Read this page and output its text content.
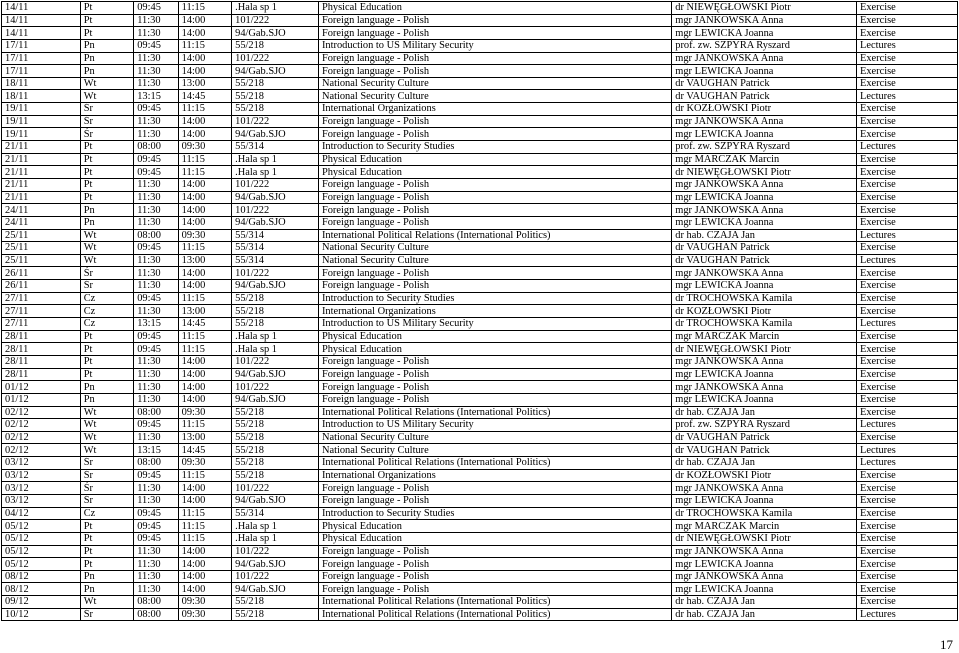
14/11	Pt	09:45	11:15	.Hala sp 1	Physical Education	dr NIEWĘGŁOWSKI Piotr	Exercise
14/11	Pt	11:30	14:00	101/222	Foreign language - Polish	mgr JANKOWSKA Anna	Exercise
14/11	Pt	11:30	14:00	94/Gab.SJO	Foreign language - Polish	mgr LEWICKA Joanna	Exercise
17/11	Pn	09:45	11:15	55/218	Introduction to US Military Security	prof. zw. SZPYRA Ryszard	Lectures
17/11	Pn	11:30	14:00	101/222	Foreign language - Polish	mgr JANKOWSKA Anna	Exercise
17/11	Pn	11:30	14:00	94/Gab.SJO	Foreign language - Polish	mgr LEWICKA Joanna	Exercise
18/11	Wt	11:30	13:00	55/218	National Security Culture	dr VAUGHAN Patrick	Exercise
18/11	Wt	13:15	14:45	55/218	National Security Culture	dr VAUGHAN Patrick	Lectures
19/11	Śr	09:45	11:15	55/218	International Organizations	dr KOZŁOWSKI Piotr	Exercise
19/11	Śr	11:30	14:00	101/222	Foreign language - Polish	mgr JANKOWSKA Anna	Exercise
19/11	Śr	11:30	14:00	94/Gab.SJO	Foreign language - Polish	mgr LEWICKA Joanna	Exercise
21/11	Pt	08:00	09:30	55/314	Introduction to Security Studies	prof. zw. SZPYRA Ryszard	Lectures
21/11	Pt	09:45	11:15	.Hala sp 1	Physical Education	mgr MARCZAK Marcin	Exercise
21/11	Pt	09:45	11:15	.Hala sp 1	Physical Education	dr NIEWĘGŁOWSKI Piotr	Exercise
21/11	Pt	11:30	14:00	101/222	Foreign language - Polish	mgr JANKOWSKA Anna	Exercise
21/11	Pt	11:30	14:00	94/Gab.SJO	Foreign language - Polish	mgr LEWICKA Joanna	Exercise
24/11	Pn	11:30	14:00	101/222	Foreign language - Polish	mgr JANKOWSKA Anna	Exercise
24/11	Pn	11:30	14:00	94/Gab.SJO	Foreign language - Polish	mgr LEWICKA Joanna	Exercise
25/11	Wt	08:00	09:30	55/314	International Political Relations (International Politics)	dr hab. CZAJA Jan	Lectures
25/11	Wt	09:45	11:15	55/314	National Security Culture	dr VAUGHAN Patrick	Exercise
25/11	Wt	11:30	13:00	55/314	National Security Culture	dr VAUGHAN Patrick	Lectures
26/11	Śr	11:30	14:00	101/222	Foreign language - Polish	mgr JANKOWSKA Anna	Exercise
26/11	Śr	11:30	14:00	94/Gab.SJO	Foreign language - Polish	mgr LEWICKA Joanna	Exercise
27/11	Cz	09:45	11:15	55/218	Introduction to Security Studies	dr TROCHOWSKA Kamila	Exercise
27/11	Cz	11:30	13:00	55/218	International Organizations	dr KOZŁOWSKI Piotr	Exercise
27/11	Cz	13:15	14:45	55/218	Introduction to US Military Security	dr TROCHOWSKA Kamila	Lectures
28/11	Pt	09:45	11:15	.Hala sp 1	Physical Education	mgr MARCZAK Marcin	Exercise
28/11	Pt	09:45	11:15	.Hala sp 1	Physical Education	dr NIEWĘGŁOWSKI Piotr	Exercise
28/11	Pt	11:30	14:00	101/222	Foreign language - Polish	mgr JANKOWSKA Anna	Exercise
28/11	Pt	11:30	14:00	94/Gab.SJO	Foreign language - Polish	mgr LEWICKA Joanna	Exercise
01/12	Pn	11:30	14:00	101/222	Foreign language - Polish	mgr JANKOWSKA Anna	Exercise
01/12	Pn	11:30	14:00	94/Gab.SJO	Foreign language - Polish	mgr LEWICKA Joanna	Exercise
02/12	Wt	08:00	09:30	55/218	International Political Relations (International Politics)	dr hab. CZAJA Jan	Exercise
02/12	Wt	09:45	11:15	55/218	Introduction to US Military Security	prof. zw. SZPYRA Ryszard	Lectures
02/12	Wt	11:30	13:00	55/218	National Security Culture	dr VAUGHAN Patrick	Exercise
02/12	Wt	13:15	14:45	55/218	National Security Culture	dr VAUGHAN Patrick	Lectures
03/12	Śr	08:00	09:30	55/218	International Political Relations (International Politics)	dr hab. CZAJA Jan	Lectures
03/12	Śr	09:45	11:15	55/218	International Organizations	dr KOZŁOWSKI Piotr	Exercise
03/12	Śr	11:30	14:00	101/222	Foreign language - Polish	mgr JANKOWSKA Anna	Exercise
03/12	Śr	11:30	14:00	94/Gab.SJO	Foreign language - Polish	mgr LEWICKA Joanna	Exercise
04/12	Cz	09:45	11:15	55/314	Introduction to Security Studies	dr TROCHOWSKA Kamila	Exercise
05/12	Pt	09:45	11:15	.Hala sp 1	Physical Education	mgr MARCZAK Marcin	Exercise
05/12	Pt	09:45	11:15	.Hala sp 1	Physical Education	dr NIEWĘGŁOWSKI Piotr	Exercise
05/12	Pt	11:30	14:00	101/222	Foreign language - Polish	mgr JANKOWSKA Anna	Exercise
05/12	Pt	11:30	14:00	94/Gab.SJO	Foreign language - Polish	mgr LEWICKA Joanna	Exercise
08/12	Pn	11:30	14:00	101/222	Foreign language - Polish	mgr JANKOWSKA Anna	Exercise
08/12	Pn	11:30	14:00	94/Gab.SJO	Foreign language - Polish	mgr LEWICKA Joanna	Exercise
09/12	Wt	08:00	09:30	55/218	International Political Relations (International Politics)	dr hab. CZAJA Jan	Exercise
10/12	Śr	08:00	09:30	55/218	International Political Relations (International Politics)	dr hab. CZAJA Jan	Lectures
17
